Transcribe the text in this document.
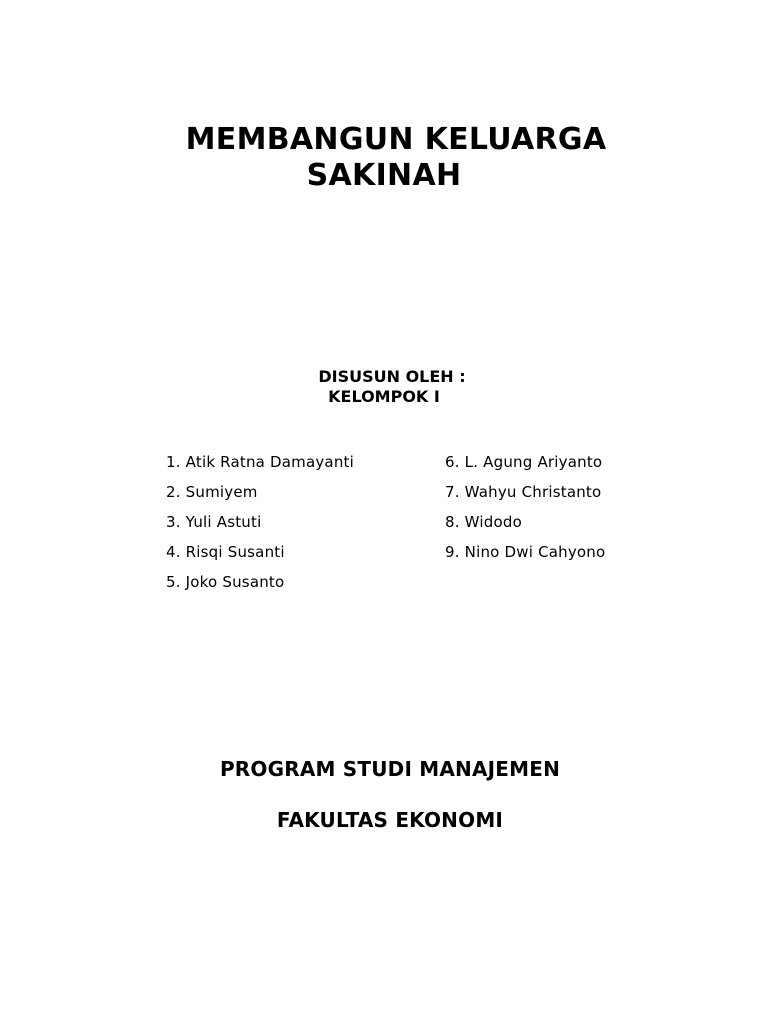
MEMBANGUN KELUARGA
SAKINAH
DISUSUN OLEH :
KELOMPOK I
1. Atik Ratna Damayanti
2. Sumiyem
3. Yuli Astuti
4. Risqi Susanti
5. Joko Susanto
6. L. Agung Ariyanto
7. Wahyu Christanto
8. Widodo
9. Nino Dwi Cahyono
PROGRAM STUDI MANAJEMEN
FAKULTAS EKONOMI
